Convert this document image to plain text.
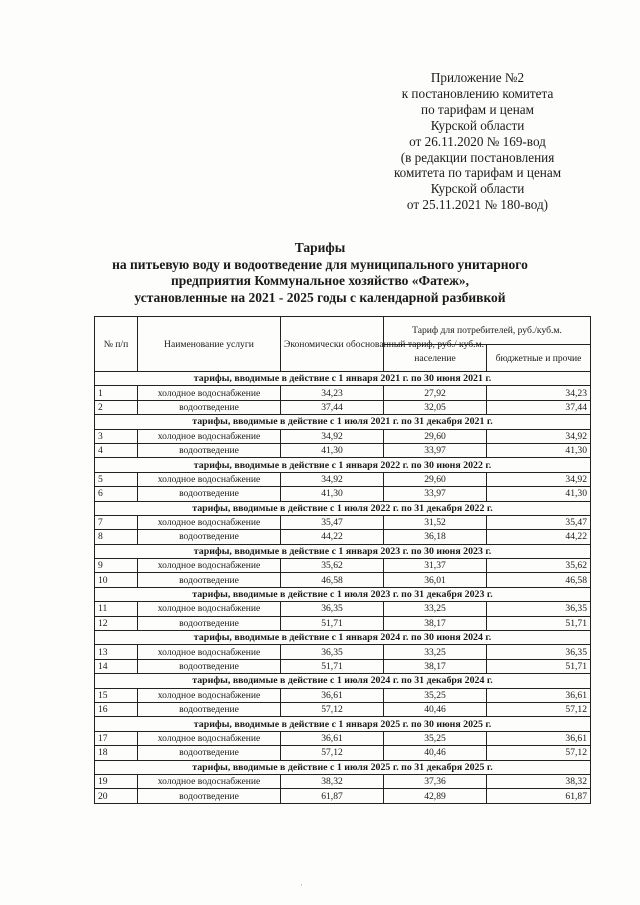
Приложение №2
к постановлению комитета
по тарифам и ценам
Курской области
от 26.11.2020 № 169-вод
(в редакции постановления
комитета по тарифам и ценам
Курской области
от 25.11.2021 № 180-вод)
Тарифы
на питьевую воду и водоотведение для муниципального унитарного
предприятия Коммунальное хозяйство «Фатеж»,
установленные на 2021 - 2025 годы с календарной разбивкой
№ п/п	Наименование услуги	Экономически обоснованный тариф, руб./ куб.м.	Тариф для потребителей, руб./куб.м.	
			население	бюджетные и прочие
тарифы, вводимые в действие с 1 января 2021 г. по 30 июня 2021 г.				
1	холодное водоснабжение	34,23	27,92	34,23
2	водоотведение	37,44	32,05	37,44
тарифы, вводимые в действие с 1 июля 2021 г. по 31 декабря 2021 г.				
3	холодное водоснабжение	34,92	29,60	34,92
4	водоотведение	41,30	33,97	41,30
тарифы, вводимые в действие с 1 января 2022 г. по 30 июня 2022 г.				
5	холодное водоснабжение	34,92	29,60	34,92
6	водоотведение	41,30	33,97	41,30
тарифы, вводимые в действие с 1 июля 2022 г. по 31 декабря 2022 г.				
7	холодное водоснабжение	35,47	31,52	35,47
8	водоотведение	44,22	36,18	44,22
тарифы, вводимые в действие с 1 января 2023 г. по 30 июня 2023 г.				
9	холодное водоснабжение	35,62	31,37	35,62
10	водоотведение	46,58	36,01	46,58
тарифы, вводимые в действие с 1 июля 2023 г. по 31 декабря 2023 г.				
11	холодное водоснабжение	36,35	33,25	36,35
12	водоотведение	51,71	38,17	51,71
тарифы, вводимые в действие с 1 января 2024 г. по 30 июня 2024 г.				
13	холодное водоснабжение	36,35	33,25	36,35
14	водоотведение	51,71	38,17	51,71
тарифы, вводимые в действие с 1 июля 2024 г. по 31 декабря 2024 г.				
15	холодное водоснабжение	36,61	35,25	36,61
16	водоотведение	57,12	40,46	57,12
тарифы, вводимые в действие с 1 января 2025 г. по 30 июня 2025 г.				
17	холодное водоснабжение	36,61	35,25	36,61
18	водоотведение	57,12	40,46	57,12
тарифы, вводимые в действие с 1 июля 2025 г. по 31 декабря 2025 г.				
19	холодное водоснабжение	38,32	37,36	38,32
20	водоотведение	61,87	42,89	61,87
·
